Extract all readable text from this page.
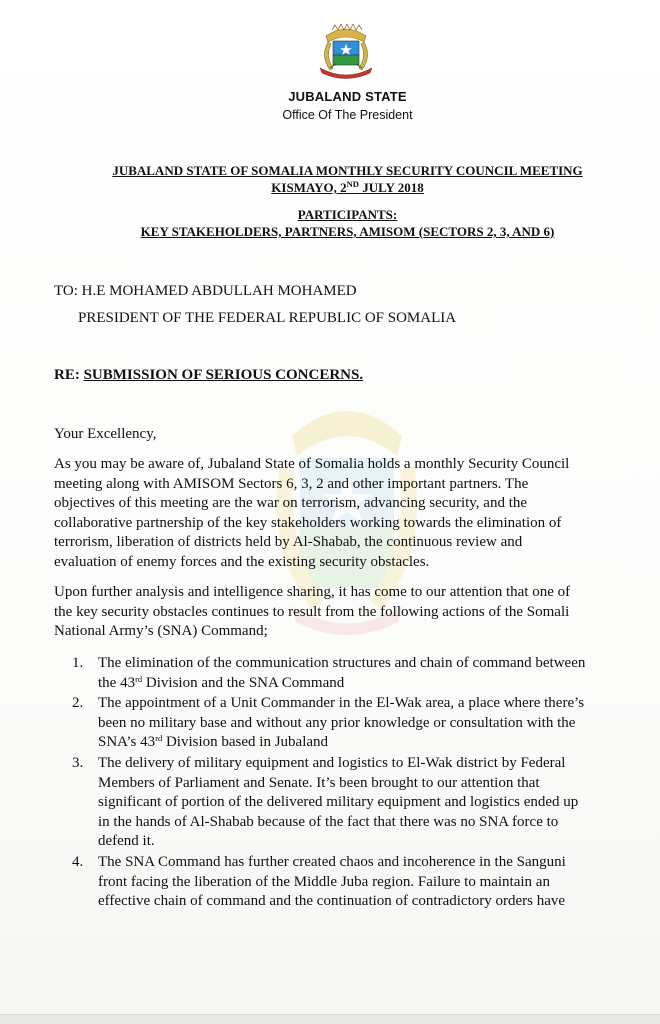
JUBALAND STATE
Office Of The President
JUBALAND STATE OF SOMALIA MONTHLY SECURITY COUNCIL MEETING
KISMAYO, 2ND JULY 2018
PARTICIPANTS:
KEY STAKEHOLDERS, PARTNERS, AMISOM (SECTORS 2, 3, AND 6)
TO: H.E MOHAMED ABDULLAH MOHAMED
PRESIDENT OF THE FEDERAL REPUBLIC OF SOMALIA
RE: SUBMISSION OF SERIOUS CONCERNS.
Your Excellency,
As you may be aware of, Jubaland State of Somalia holds a monthly Security Council
meeting along with AMISOM Sectors 6, 3, 2 and other important partners. The
objectives of this meeting are the war on terrorism, advancing security, and the
collaborative partnership of the key stakeholders working towards the elimination of
terrorism, liberation of districts held by Al-Shabab, the continuous review and
evaluation of enemy forces and the existing security obstacles.
Upon further analysis and intelligence sharing, it has come to our attention that one of
the key security obstacles continues to result from the following actions of the Somali
National Army’s (SNA) Command;
1. The elimination of the communication structures and chain of command between
the 43rd Division and the SNA Command
2. The appointment of a Unit Commander in the El-Wak area, a place where there’s
been no military base and without any prior knowledge or consultation with the
SNA’s 43rd Division based in Jubaland
3. The delivery of military equipment and logistics to El-Wak district by Federal
Members of Parliament and Senate. It’s been brought to our attention that
significant of portion of the delivered military equipment and logistics ended up
in the hands of Al-Shabab because of the fact that there was no SNA force to
defend it.
4. The SNA Command has further created chaos and incoherence in the Sanguni
front facing the liberation of the Middle Juba region. Failure to maintain an
effective chain of command and the continuation of contradictory orders have
